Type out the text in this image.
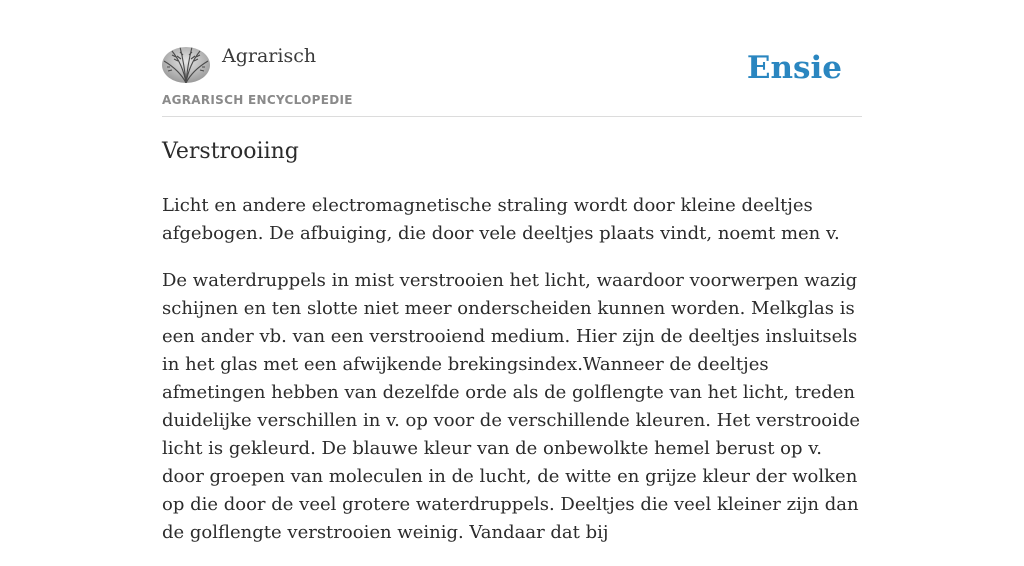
Agrarisch
AGRARISCH ENCYCLOPEDIE
Ensie
Verstrooiing

Licht en andere electromagnetische straling wordt door kleine deeltjes afgebogen. De afbuiging, die door vele deeltjes plaats vindt, noemt men v.

De waterdruppels in mist verstrooien het licht, waardoor voorwerpen wazig schijnen en ten slotte niet meer onderscheiden kunnen worden. Melkglas is een ander vb. van een verstrooiend medium. Hier zijn de deeltjes insluitsels in het glas met een afwijkende brekingsindex.Wanneer de deeltjes afmetingen hebben van dezelfde orde als de golflengte van het licht, treden duidelijke verschillen in v. op voor de verschillende kleuren. Het verstrooide licht is gekleurd. De blauwe kleur van de onbewolkte hemel berust op v. door groepen van moleculen in de lucht, de witte en grijze kleur der wolken op die door de veel grotere waterdruppels. Deeltjes die veel kleiner zijn dan de golflengte verstrooien weinig. Vandaar dat bij
